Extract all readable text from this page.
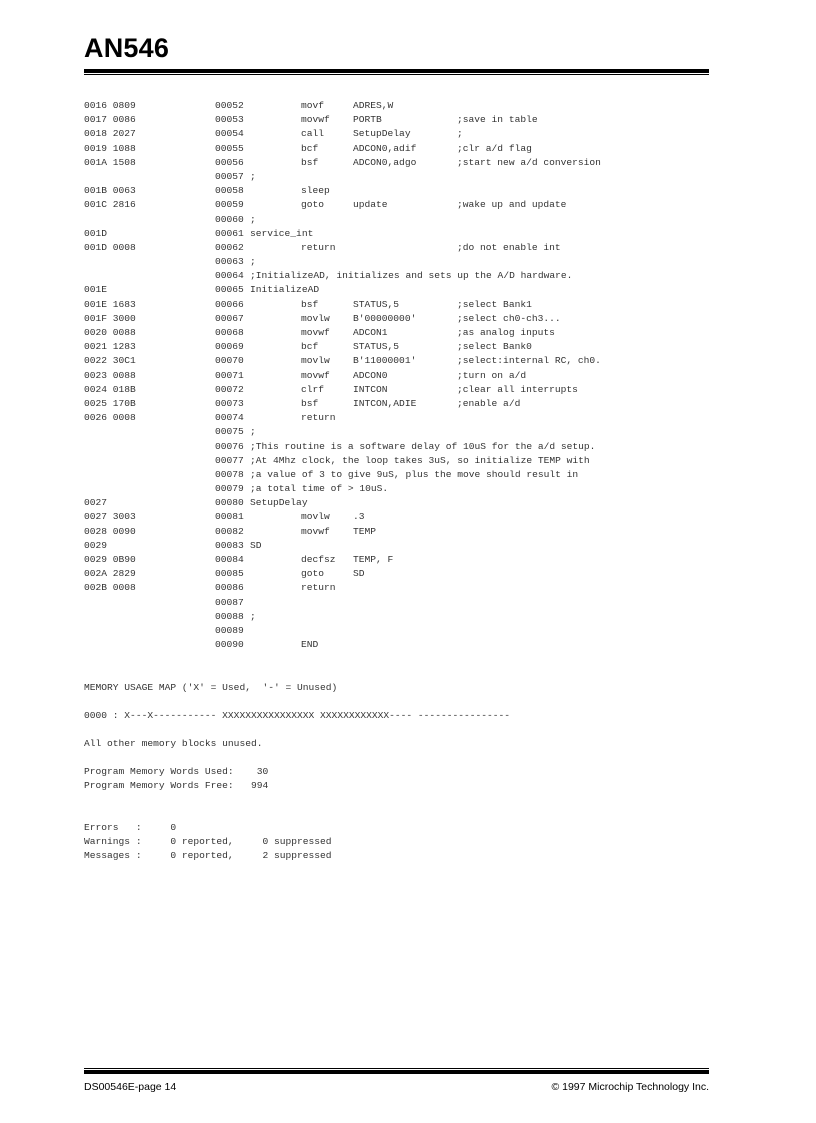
AN546
0016 0809	00052	movf	ADRES,W
0017 0086	00053	movwf PORTB	;save in table
0018 2027	00054	call	SetupDelay	;
0019 1088	00055	bcf	ADCON0,adif	;clr a/d flag
001A 1508	00056	bsf	ADCON0,adgo	;start new a/d conversion
00057 ;
001B 0063	00058	sleep
001C 2816	00059	goto	update	;wake up and update
00060 ;
001D	00061 service_int
001D 0008	00062	return	;do not enable int
00063 ;
00064 ;InitializeAD, initializes and sets up the A/D hardware.
001E	00065 InitializeAD
001E 1683	00066	bsf	STATUS,5	;select Bank1
001F 3000	00067	movlw B'00000000'	;select ch0-ch3...
0020 0088	00068	movwf ADCON1	;as analog inputs
0021 1283	00069	bcf	STATUS,5	;select Bank0
0022 30C1	00070	movlw B'11000001'	;select:internal RC, ch0.
0023 0088	00071	movwf ADCON0	;turn on a/d
0024 018B	00072	clrf	INTCON	;clear all interrupts
0025 170B	00073	bsf	INTCON,ADIE	;enable a/d
0026 0008	00074	return
00075 ;
00076 ;This routine is a software delay of 10uS for the a/d setup.
00077 ;At 4Mhz clock, the loop takes 3uS, so initialize TEMP with
00078 ;a value of 3 to give 9uS, plus the move should result in
00079 ;a total time of > 10uS.
0027	00080 SetupDelay
0027 3003	00081	movlw .3
0028 0090	00082	movwf TEMP
0029	00083 SD
0029 0B90	00084	decfsz TEMP, F
002A 2829	00085	goto	SD
002B 0008	00086	return
00087
00088 ;
00089
00090	END
MEMORY USAGE MAP ('X' = Used,  '-' = Unused)
0000 : X---X----------- XXXXXXXXXXXXXXXX XXXXXXXXXXXX---- ----------------
All other memory blocks unused.
Program Memory Words Used:    30
Program Memory Words Free:   994
Errors   :     0
Warnings :     0 reported,     0 suppressed
Messages :     0 reported,     2 suppressed
DS00546E-page 14	© 1997 Microchip Technology Inc.
